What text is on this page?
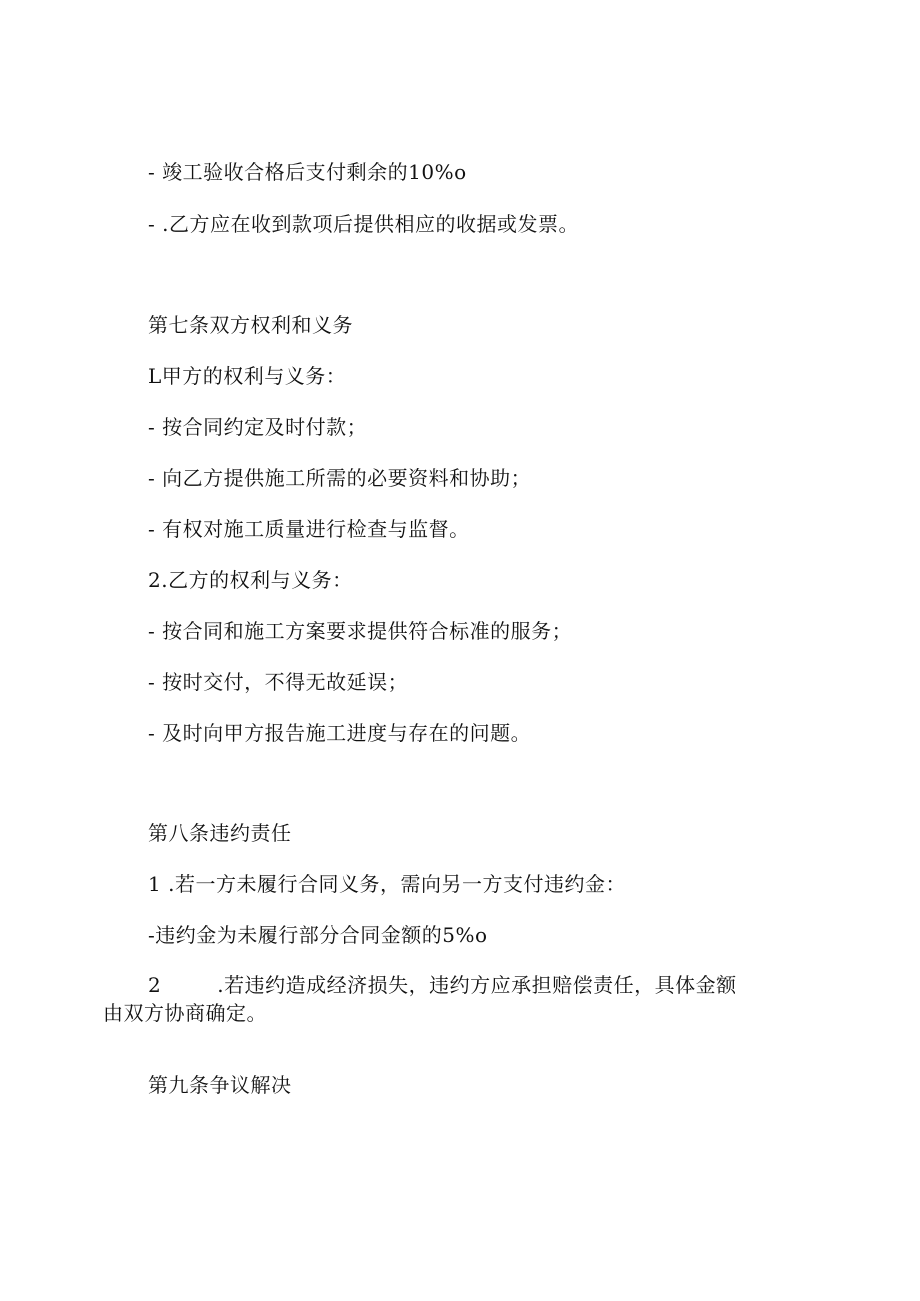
- 竣工验收合格后支付剩余的10%o
- .乙方应在收到款项后提供相应的收据或发票。
第七条双方权利和义务
L甲方的权利与义务：
- 按合同约定及时付款；
- 向乙方提供施工所需的必要资料和协助；
- 有权对施工质量进行检查与监督。
2.乙方的权利与义务：
- 按合同和施工方案要求提供符合标准的服务；
- 按时交付，不得无故延误；
- 及时向甲方报告施工进度与存在的问题。
第八条违约责任
1 .若一方未履行合同义务，需向另一方支付违约金：
-违约金为未履行部分合同金额的5%o
2	.若违约造成经济损失，违约方应承担赔偿责任，具体金额由双方协商确定。
第九条争议解决
